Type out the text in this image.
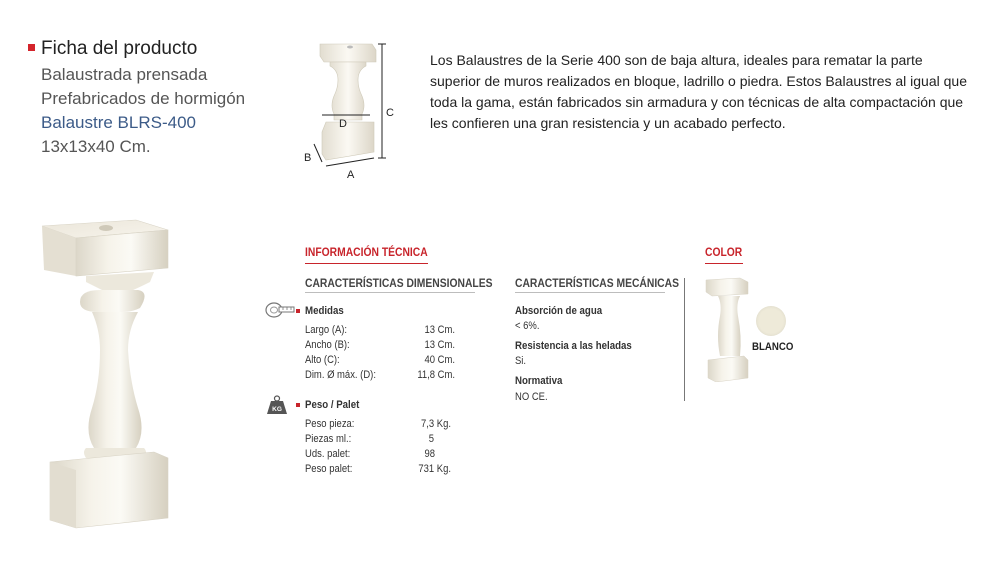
Ficha del producto
Balaustrada prensada
Prefabricados de hormigón
Balaustre BLRS-400
13x13x40 Cm.
D
C
A
B
Los Balaustres de la Serie 400 son de baja altura, ideales para rematar la parte superior de muros realizados en bloque, ladrillo o piedra. Estos Balaustres al igual que toda la gama, están fabricados sin armadura y con técnicas de alta compactación que les confieren una gran resistencia y un acabado perfecto.
INFORMACIÓN TÉCNICA
CARACTERÍSTICAS DIMENSIONALES
Medidas
Largo (A):	13 Cm.
Ancho (B):	13 Cm.
Alto (C):	40 Cm.
Dim. Ø máx. (D):	11,8 Cm.
KG Peso / Palet
Peso pieza:	7,3 Kg.
Piezas ml.:	5
Uds. palet:	98
Peso palet:	731 Kg.
CARACTERÍSTICAS MECÁNICAS
Absorción de agua
< 6%.
Resistencia a las heladas
Si.
Normativa
NO CE.
COLOR
BLANCO
